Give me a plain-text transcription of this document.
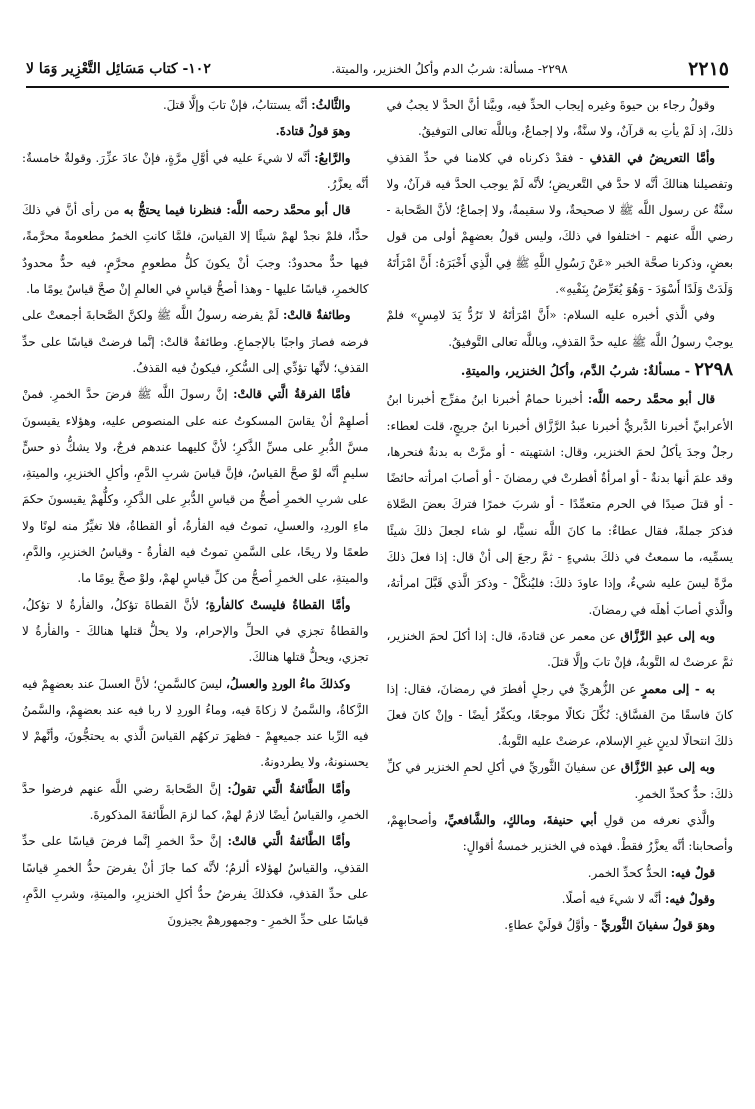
٢٢١٥
٢٢٩٨- مسألة: شربُ الدم وأكلُ الخنزير، والميتة.
١٠٢- كتاب مَسَائِل التَّعْزِير وَمَا لا

وقولُ رجاء بن حيوةَ وغيره إيجاب الحدِّ فيه، وبيَّنا أنَّ الحدَّ لا يجبُ في ذلكَ، إذ لَمْ يأتِ به قرآنٌ، ولا سنَّةٌ، ولا إجماعٌ، وباللَّه تعالى التوفيقُ.

وأمَّا التعريضُ في القذفِ - فقدْ ذكرناه في كلامنا في حدِّ القذفِ وتفصيلنا هنالكَ أنَّه لا حدَّ في التَّعريضِ؛ لأنَّه لَمْ يوجب الحدَّ فيه قرآنٌ، ولا سنَّةٌ عن رسول اللَّه ﷺ لا صحيحةٌ، ولا سقيمةٌ، ولا إجماعٌ؛ لأنَّ الصَّحابة - رضي اللَّه عنهم - اختلفوا في ذلكَ، وليس قولُ بعضهِمْ أولى من قول بعضٍ، وذكرنا صحَّة الخبر «عَنْ رَسُولِ اللَّهِ ﷺ فِي الَّذِي أَخْبَرَهُ: أَنَّ امْرَأَتَهُ وَلَدَتْ وَلَدًا أَسْوَدَ - وَهُوَ يُعَرِّضُ بِنَفْيهِ».

وفي الَّذي أخبره عليه السلام: «أَنَّ امْرَأتَهُ لا تَرُدُّ يَدَ لامِسٍ» فلمْ يوجبْ رسولُ اللَّه ﷺ عليه حدَّ القذفِ، وباللَّه تعالى التَّوفيقُ.

٢٢٩٨ - مسألةٌ: شربُ الدَّم، وأكلُ الخنزير، والميتةِ.

قال أبو محمَّد رحمه اللَّه: أخبرنا حمامٌ أخبرنا ابنُ مفرِّج أخبرنا ابنُ الأعرابيِّ أخبرنا الدَّبريُّ أخبرنا عبدُ الرَّزَّاق أخبرنا ابنُ جريجٍ، قلت لعطاء: رجلٌ وجدَ يأكلُ لحمَ الخنزير، وقال: اشتهيته - أو مرَّتْ به بدنةٌ فنحرها، وقد علمَ أنها بدنةٌ - أو امرأةٌ أفطرتْ في رمضانَ - أو أصابَ امرأته حائضًا - أو قتلَ صيدًا في الحرم متعمِّدًا - أو شربَ خمرًا فتركَ بعضَ الصَّلاة فذكرَ جملةً، فقال عطاءٌ: ما كانَ اللَّه نسيًّا، لو شاء لجعلَ ذلكَ شيئًا يسمِّيه، ما سمعتُ في ذلكَ بشيءٍ - ثمَّ رجعَ إلى أنْ قال: إذا فعلَ ذلكَ مرَّةً ليسَ عليه شيءٌ، وإذا عاودَ ذلكَ: فليُنكَّلْ - وذكرَ الَّذي قَبَّلَ امرأتهُ، والَّذي أصابَ أهلَه في رمضانَ.

وبه إلى عبدِ الرَّزَّاق عن معمر عن قتادةَ، قال: إذا أكلَ لحمَ الخنزير، ثمَّ عرضتْ له التَّوبةُ، فإنْ تابَ وإلَّا قتلَ.

به - إلى معمرٍ عن الزُّهريِّ في رجلٍ أفطرَ في رمضانَ، فقال: إذا كانَ فاسقًا منَ الفسَّاق: نُكِّلَ نكالًا موجعًا، ويكفِّرُ أيضًا - وإنْ كانَ فعلَ ذلكَ انتحالًا لدينٍ غيرِ الإسلام، عرضتْ عليه التَّوبةُ.

وبه إلى عبدِ الرَّزَّاق عن سفيانَ الثَّوريِّ في أكلِ لحمِ الخنزير في كلِّ ذلكَ: حدٌّ كحدِّ الخمرِ.

والَّذي نعرفه من قولِ أبي حنيفةَ، ومالكٍ، والشَّافعيِّ، وأصحابهِمْ، وأصحابنا: أنَّه يعزَّرُ فقطْ. فهذه في الخنزير خمسةُ أقوالٍ:

قولٌ فيه: الحدُّ كحدِّ الخمر.

وقولٌ فيه: أنَّه لا شيءَ فيه أصلًا.

وهوَ قولُ سفيانَ الثَّوريِّ - وأوَّلُ قولَيْ عطاءٍ.

والثَّالثُ: أنَّه يستتابُ، فإنْ تابَ وإلَّا قتلَ.

وهوَ قولُ قتادةَ.

والرَّابعُ: أنَّه لا شيءَ عليه في أوَّلِ مرَّةٍ، فإنْ عادَ عزِّرَ. وقولةٌ خامسةٌ: أنَّه يعزَّرُ.

قال أبو محمَّد رحمه اللَّه: فنظرنا فيما يحتجُّ به من رأى أنَّ في ذلكَ حدًّا، فلمْ نجدْ لهمْ شيئًا إلا القياسَ، فلمَّا كانتِ الخمرُ مطعومةً محرَّمةً، فيها حدٌّ محدودٌ: وجبَ أنْ يكونَ كلُّ مطعومٍ محرَّمٍ، فيه حدٌّ محدودٌ كالخمرِ، قياسًا عليها - وهذا أصحُّ قياسٍ في العالمِ إنْ صحَّ قياسٌ يومًا ما.

وطائفةٌ قالتْ: لَمْ يفرضه رسولُ اللَّه ﷺ ولكنَّ الصَّحابةَ أجمعتْ على فرضه فصارَ واجبًا بالإجماعِ. وطائفةٌ قالتْ: إنَّما فرضتْ قياسًا على حدِّ القذفِ؛ لأنَّها تؤدِّي إلى السُّكرِ، فيكونُ فيه القذفُ.

فأمَّا الفرقةُ الَّتي قالتْ: إنَّ رسولَ اللَّه ﷺ فرضَ حدَّ الخمرِ. فمنْ أصلهِمْ أنْ يقاسَ المسكوتُ عنه على المنصوص عليه، وهؤلاء يقيسونَ مسَّ الدُّبرِ على مسِّ الذَّكرِ؛ لأنَّ كليهما عندهم فرجٌ، ولا يشكُّ ذو حسٍّ سليمٍ أنَّه لوْ صحَّ القياسُ، فإنَّ قياسَ شربِ الدَّمِ، وأكلِ الخنزيرِ، والميتةِ، على شربِ الخمرِ أصحُّ من قياسِ الدُّبرِ على الذَّكرِ، وكلُّهمْ يقيسونَ حكمَ ماءِ الوردِ، والعسلِ، تموتُ فيه الفأرةُ، أو القطاةُ، فلا تغيِّرُ منه لونًا ولا طعمًا ولا ريحًا، على السَّمنِ تموتُ فيه الفأرةُ - وقياسُ الخنزيرِ، والدَّمِ، والميتةِ، على الخمرِ أصحُّ من كلِّ قياسٍ لهمْ، ولوْ صحَّ يومًا ما.

وأمَّا القطاةُ فليستْ كالفأرةِ؛ لأنَّ القطاةَ تؤكلُ، والفأرةُ لا تؤكلُ، والقطاةُ تجزي في الحلِّ والإحرام، ولا يحلُّ قتلها هنالكَ - والفأرةُ لا تجزي، ويحلُّ قتلها هنالكَ.

وكذلكَ ماءُ الوردِ والعسلُ، ليسَ كالسَّمنِ؛ لأنَّ العسلَ عند بعضهِمْ فيه الزَّكاةُ، والسَّمنُ لا زكاةَ فيه، وماءُ الوردِ لا ربا فيه عند بعضهِمْ، والسَّمنُ فيه الرِّبا عند جميعهِمْ - فظهرَ تركهُم القياسَ الَّذي به يحتجُّونَ، وأنَّهمْ لا يحسنونهُ، ولا يطردونهُ.

وأمَّا الطَّائفةُ الَّتي تقولُ: إنَّ الصَّحابةَ رضي اللَّه عنهم فرضوا حدَّ الخمرِ، والقياسُ أيضًا لازمٌ لهمْ، كما لزمَ الطَّائفةَ المذكورةَ.

وأمَّا الطَّائفةُ الَّتي قالتْ: إنَّ حدَّ الخمرِ إنَّما فرضَ قياسًا على حدِّ القذفِ، والقياسُ لهؤلاء ألزمُ؛ لأنَّه كما جازَ أنْ يفرضَ حدُّ الخمرِ قياسًا على حدِّ القذفِ، فكذلكَ يفرضُ حدُّ أكلِ الخنزيرِ، والميتةِ، وشربِ الدَّمِ، قياسًا على حدِّ الخمرِ - وجمهورهمْ يجيزونَ
